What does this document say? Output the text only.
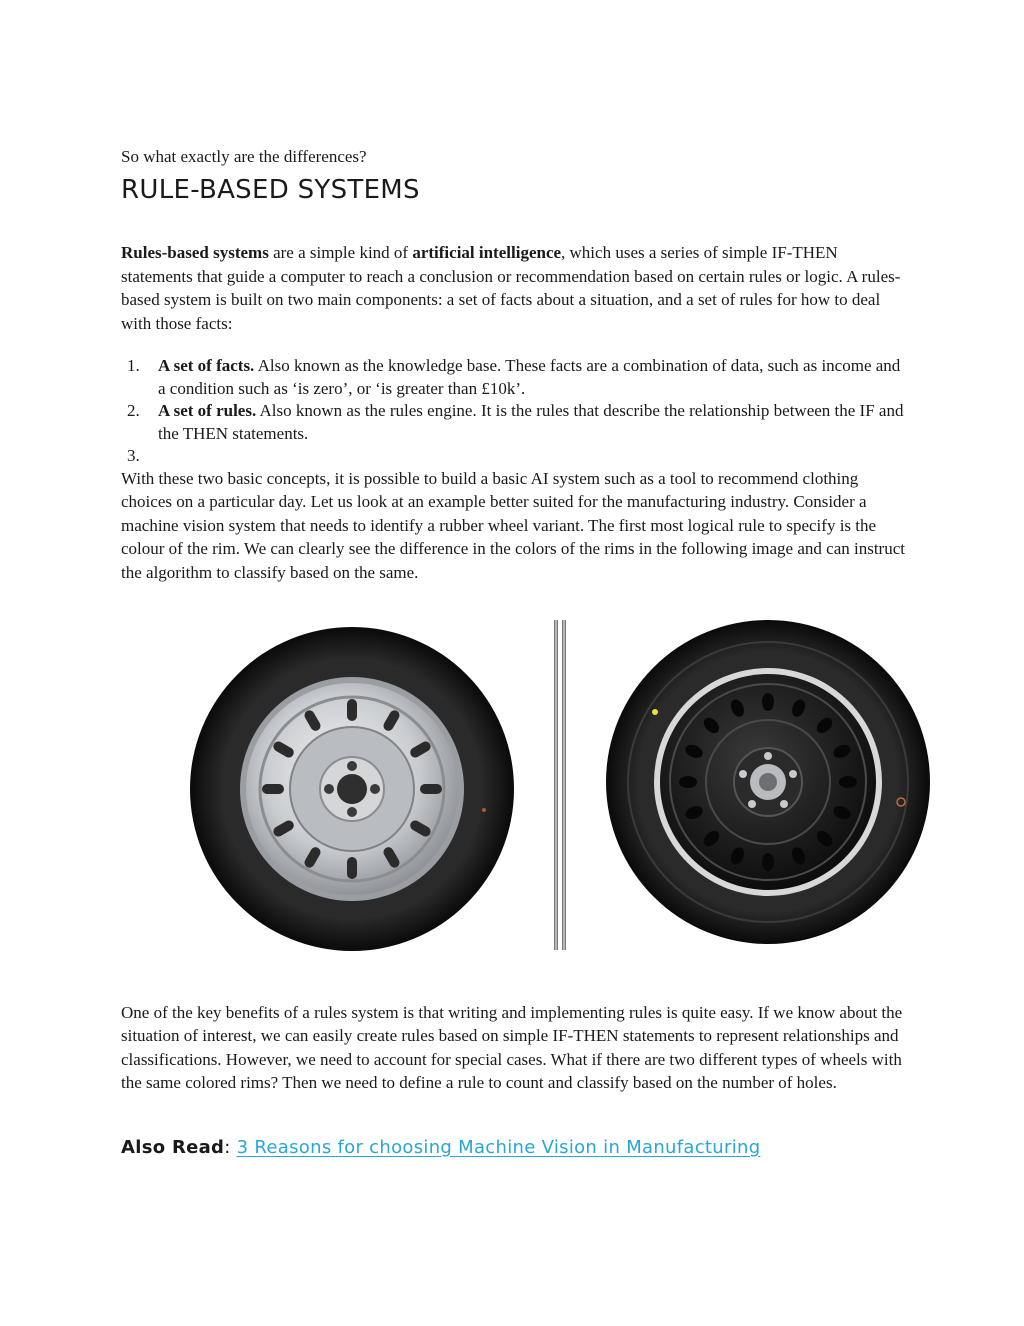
So what exactly are the differences?
RULE-BASED SYSTEMS

Rules-based systems are a simple kind of artificial intelligence, which uses a series of simple IF-THEN statements that guide a computer to reach a conclusion or recommendation based on certain rules or logic. A rules-based system is built on two main components: a set of facts about a situation, and a set of rules for how to deal with those facts:

1. A set of facts. Also known as the knowledge base. These facts are a combination of data, such as income and a condition such as ‘is zero’, or ‘is greater than £10k’.
2. A set of rules. Also known as the rules engine. It is the rules that describe the relationship between the IF and the THEN statements.
3.

With these two basic concepts, it is possible to build a basic AI system such as a tool to recommend clothing choices on a particular day. Let us look at an example better suited for the manufacturing industry. Consider a machine vision system that needs to identify a rubber wheel variant. The first most logical rule to specify is the colour of the rim. We can clearly see the difference in the colors of the rims in the following image and can instruct the algorithm to classify based on the same.

One of the key benefits of a rules system is that writing and implementing rules is quite easy. If we know about the situation of interest, we can easily create rules based on simple IF-THEN statements to represent relationships and classifications. However, we need to account for special cases. What if there are two different types of wheels with the same colored rims? Then we need to define a rule to count and classify based on the number of holes.

Also Read: 3 Reasons for choosing Machine Vision in Manufacturing
